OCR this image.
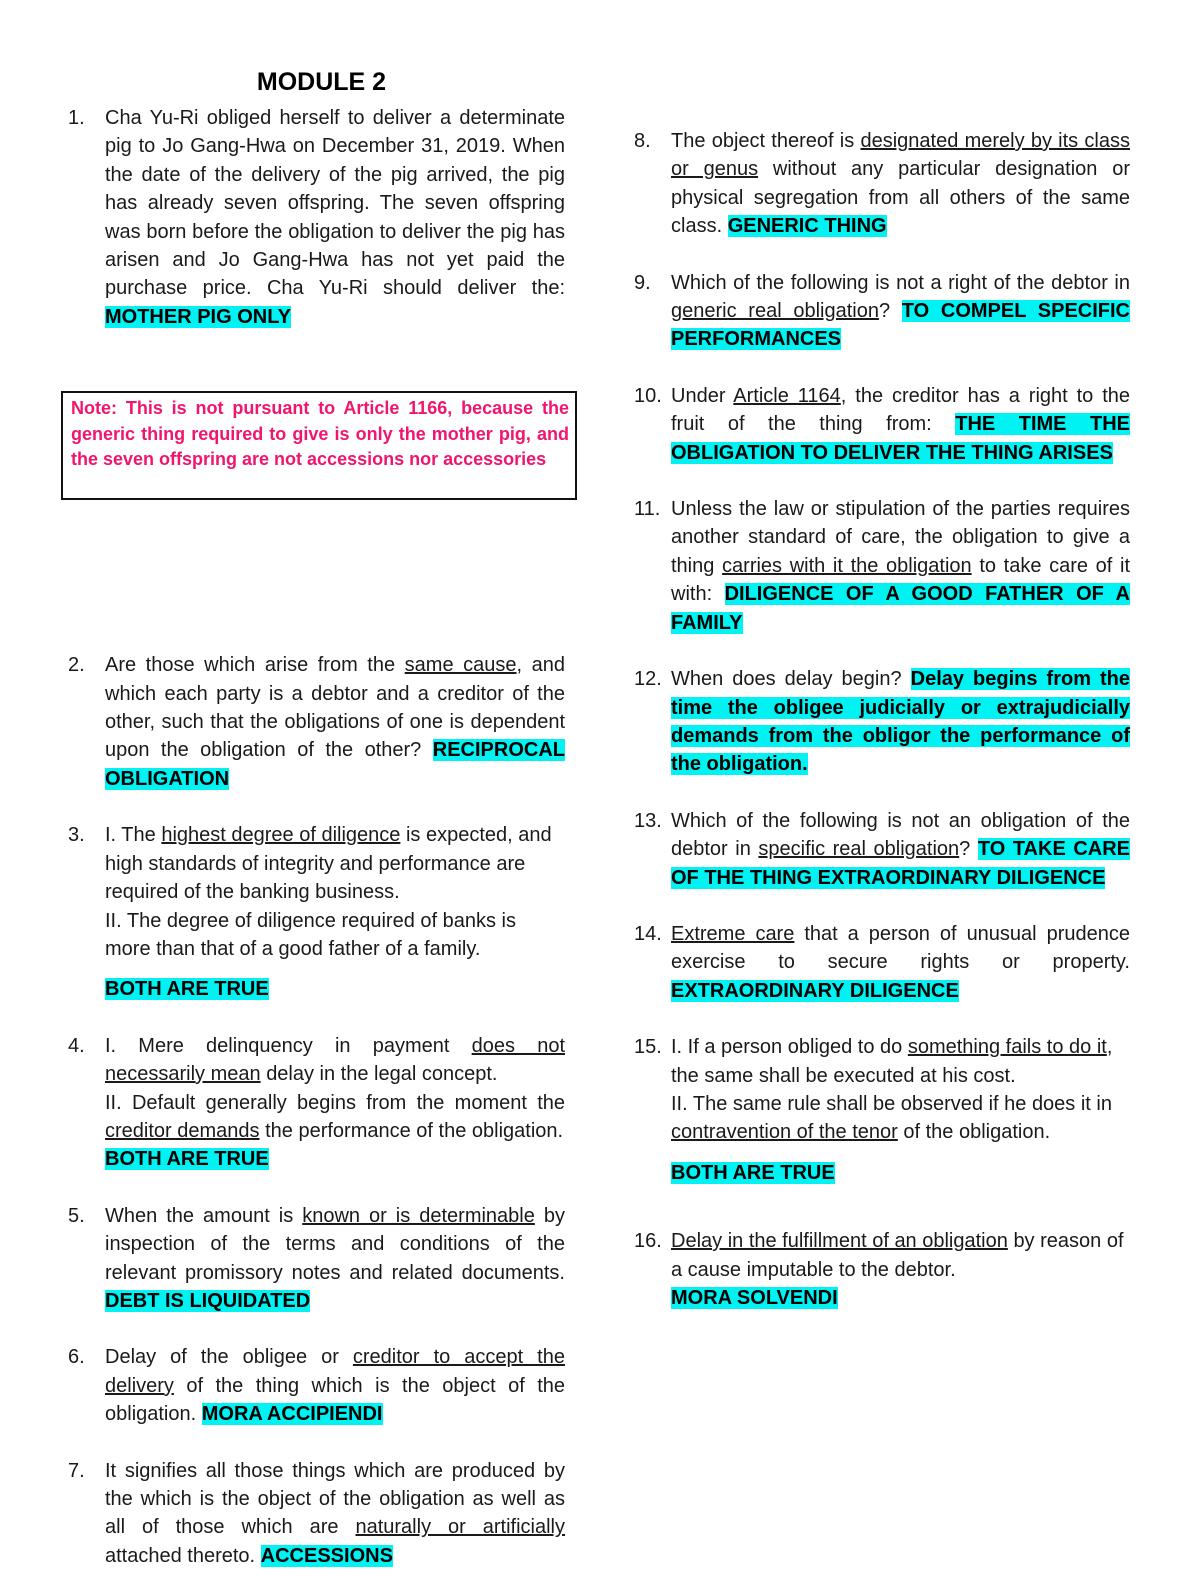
MODULE 2
1.	Cha Yu-Ri obliged herself to deliver a determinate pig to Jo Gang-Hwa on December 31, 2019. When the date of the delivery of the pig arrived, the pig has already seven offspring. The seven offspring was born before the obligation to deliver the pig has arisen and Jo Gang-Hwa has not yet paid the purchase price. Cha Yu-Ri should deliver the: MOTHER PIG ONLY
2.	Are those which arise from the same cause, and which each party is a debtor and a creditor of the other, such that the obligations of one is dependent upon the obligation of the other? RECIPROCAL OBLIGATION
3.	I. The highest degree of diligence is expected, and high standards of integrity and performance are required of the banking business.
II. The degree of diligence required of banks is more than that of a good father of a family.
BOTH ARE TRUE
4.	I. Mere delinquency in payment does not necessarily mean delay in the legal concept.
II. Default generally begins from the moment the creditor demands the performance of the obligation.
BOTH ARE TRUE
5.	When the amount is known or is determinable by inspection of the terms and conditions of the relevant promissory notes and related documents. DEBT IS LIQUIDATED
6.	Delay of the obligee or creditor to accept the delivery of the thing which is the object of the obligation. MORA ACCIPIENDI
7.	It signifies all those things which are produced by the which is the object of the obligation as well as all of those which are naturally or artificially attached thereto. ACCESSIONS
Note: This is not pursuant to Article 1166, because the generic thing required to give is only the mother pig, and the seven offspring are not accessions nor accessories
8.	The object thereof is designated merely by its class or genus without any particular designation or physical segregation from all others of the same class. GENERIC THING
9.	Which of the following is not a right of the debtor in generic real obligation? TO COMPEL SPECIFIC PERFORMANCES
10. Under Article 1164, the creditor has a right to the fruit of the thing from: THE TIME THE OBLIGATION TO DELIVER THE THING ARISES
11. Unless the law or stipulation of the parties requires another standard of care, the obligation to give a thing carries with it the obligation to take care of it with: DILIGENCE OF A GOOD FATHER OF A FAMILY
12. When does delay begin? Delay begins from the time the obligee judicially or extrajudicially demands from the obligor the performance of the obligation.
13. Which of the following is not an obligation of the debtor in specific real obligation? TO TAKE CARE OF THE THING EXTRAORDINARY DILIGENCE
14. Extreme care that a person of unusual prudence exercise to secure rights or property. EXTRAORDINARY DILIGENCE
15. I. If a person obliged to do something fails to do it, the same shall be executed at his cost.
II. The same rule shall be observed if he does it in contravention of the tenor of the obligation.
BOTH ARE TRUE
16. Delay in the fulfillment of an obligation by reason of a cause imputable to the debtor.
MORA SOLVENDI
